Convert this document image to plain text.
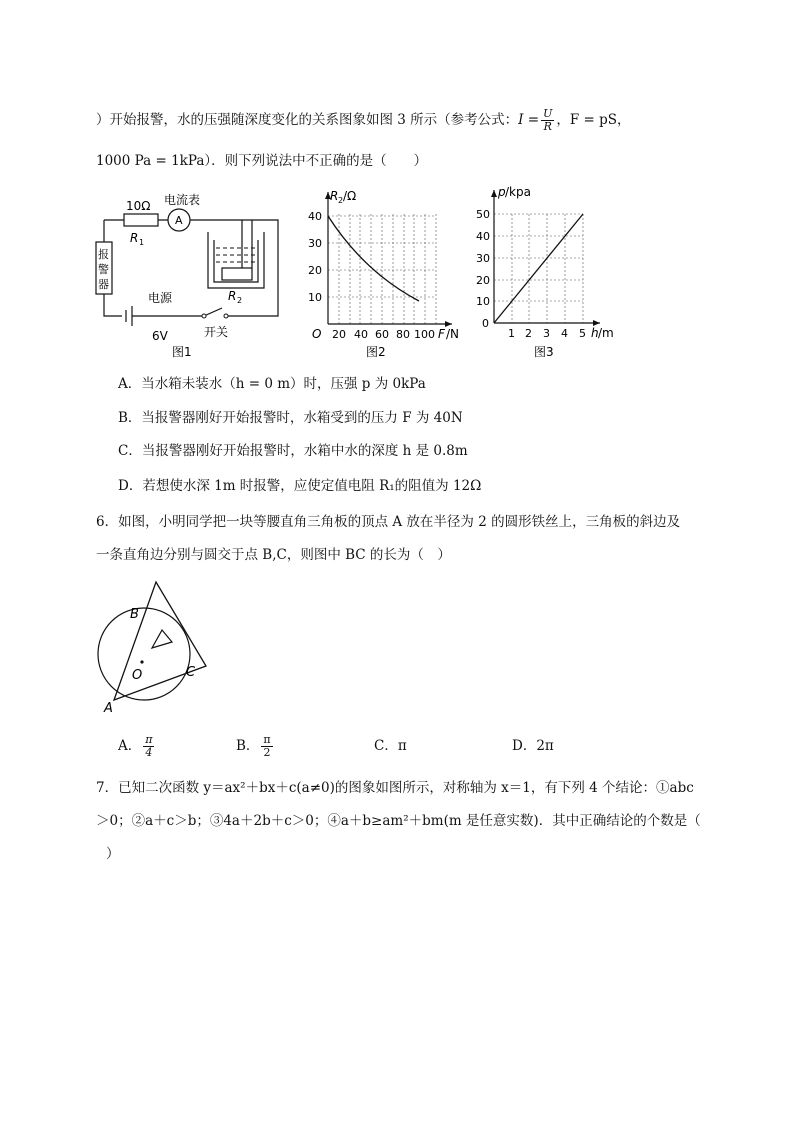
）开始报警，水的压强随深度变化的关系图象如图 3 所示（参考公式：$I = \frac{U}{R}$ ，F = pS，
1000 Pa = 1kPa）．则下列说法中不正确的是（　　）
10Ω
R 1
电流表
A
报
警
器
R 2
电源
6V	开关
图1
R 2 /Ω
10
20
30
40
O 20 40 60 80 100 F /N
图2
p /kpa
10
20
30
40
50
0
1 2 3 4 5 h /m
图3
A．当水箱未装水（h = 0 m）时，压强 p 为 0kPa
B．当报警器刚好开始报警时，水箱受到的压力 F 为 40N
C．当报警器刚好开始报警时，水箱中水的深度 h 是 0.8m
D．若想使水深 1m 时报警，应使定值电阻 R₁的阻值为 12Ω
6．如图，小明同学把一块等腰直角三角板的顶点 A 放在半径为 2 的圆形铁丝上，三角板的斜边及
一条直角边分别与圆交于点 B,C，则图中 BC 的长为（　）
B
C
O
A
A． $\frac{\pi}{4}$	B． $\frac{\pi}{2}$	C．π	D．2π
7．已知二次函数 y＝ax²＋bx＋c(a≠0)的图象如图所示，对称轴为 x＝1，有下列 4 个结论：①abc
＞0；②a＋c＞b；③4a＋2b＋c＞0；④a＋b≥am²＋bm(m 是任意实数)．其中正确结论的个数是（
）
